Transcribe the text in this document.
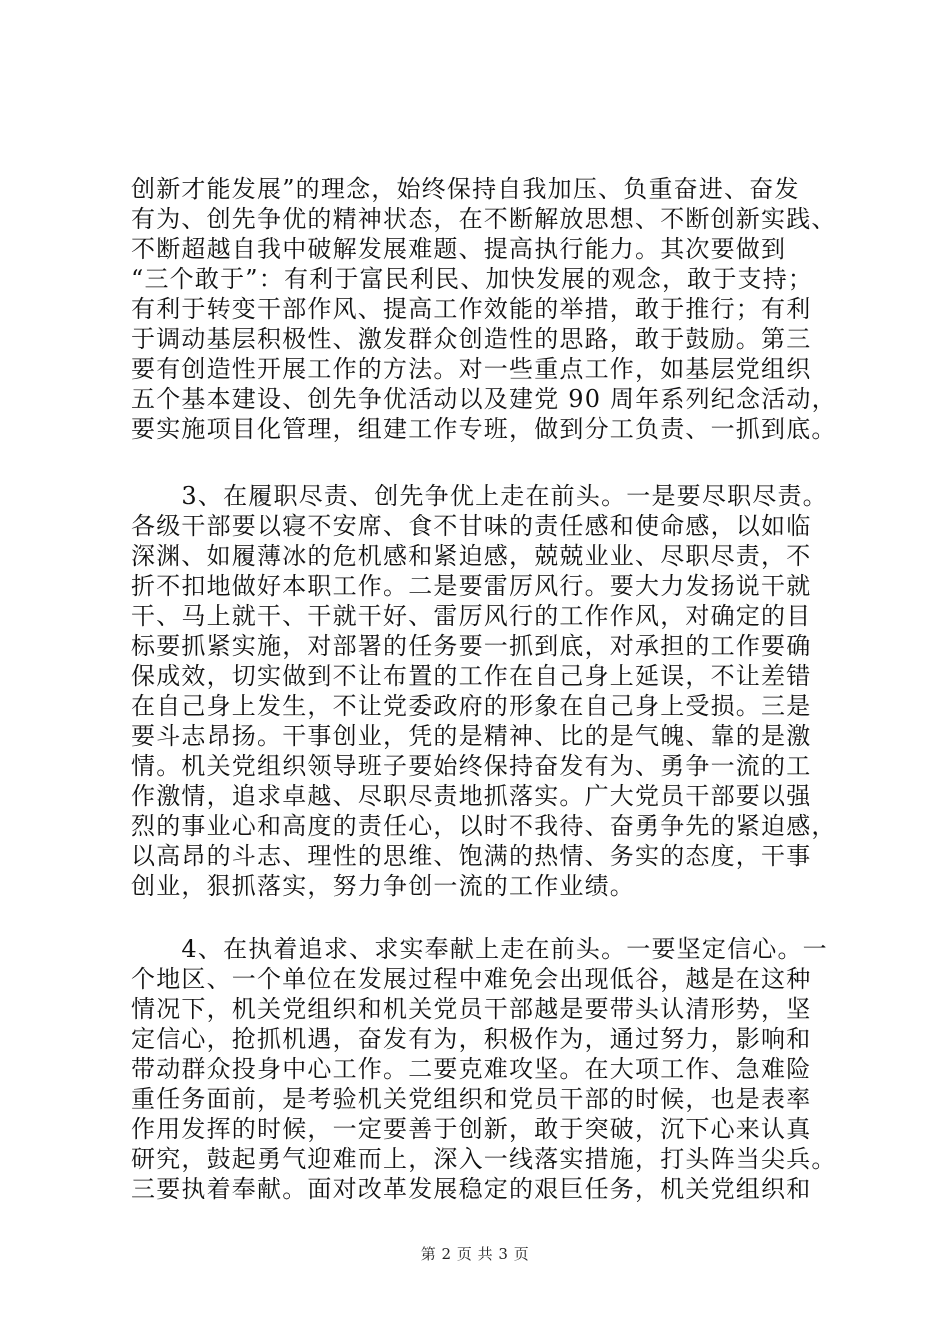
创新才能发展”的理念，始终保持自我加压、负重奋进、奋发
有为、创先争优的精神状态，在不断解放思想、不断创新实践、
不断超越自我中破解发展难题、提高执行能力。其次要做到
“三个敢于”：有利于富民利民、加快发展的观念，敢于支持；
有利于转变干部作风、提高工作效能的举措，敢于推行；有利
于调动基层积极性、激发群众创造性的思路，敢于鼓励。第三
要有创造性开展工作的方法。对一些重点工作，如基层党组织
五个基本建设、创先争优活动以及建党 90 周年系列纪念活动，
要实施项目化管理，组建工作专班，做到分工负责、一抓到底。
　　3、在履职尽责、创先争优上走在前头。一是要尽职尽责。
各级干部要以寝不安席、食不甘味的责任感和使命感，以如临
深渊、如履薄冰的危机感和紧迫感，兢兢业业、尽职尽责，不
折不扣地做好本职工作。二是要雷厉风行。要大力发扬说干就
干、马上就干、干就干好、雷厉风行的工作作风，对确定的目
标要抓紧实施，对部署的任务要一抓到底，对承担的工作要确
保成效，切实做到不让布置的工作在自己身上延误，不让差错
在自己身上发生，不让党委政府的形象在自己身上受损。三是
要斗志昂扬。干事创业，凭的是精神、比的是气魄、靠的是激
情。机关党组织领导班子要始终保持奋发有为、勇争一流的工
作激情，追求卓越、尽职尽责地抓落实。广大党员干部要以强
烈的事业心和高度的责任心，以时不我待、奋勇争先的紧迫感，
以高昂的斗志、理性的思维、饱满的热情、务实的态度，干事
创业，狠抓落实，努力争创一流的工作业绩。
　　4、在执着追求、求实奉献上走在前头。一要坚定信心。一
个地区、一个单位在发展过程中难免会出现低谷，越是在这种
情况下，机关党组织和机关党员干部越是要带头认清形势，坚
定信心，抢抓机遇，奋发有为，积极作为，通过努力，影响和
带动群众投身中心工作。二要克难攻坚。在大项工作、急难险
重任务面前，是考验机关党组织和党员干部的时候，也是表率
作用发挥的时候，一定要善于创新，敢于突破，沉下心来认真
研究，鼓起勇气迎难而上，深入一线落实措施，打头阵当尖兵。
三要执着奉献。面对改革发展稳定的艰巨任务，机关党组织和
第 2 页 共 3 页
